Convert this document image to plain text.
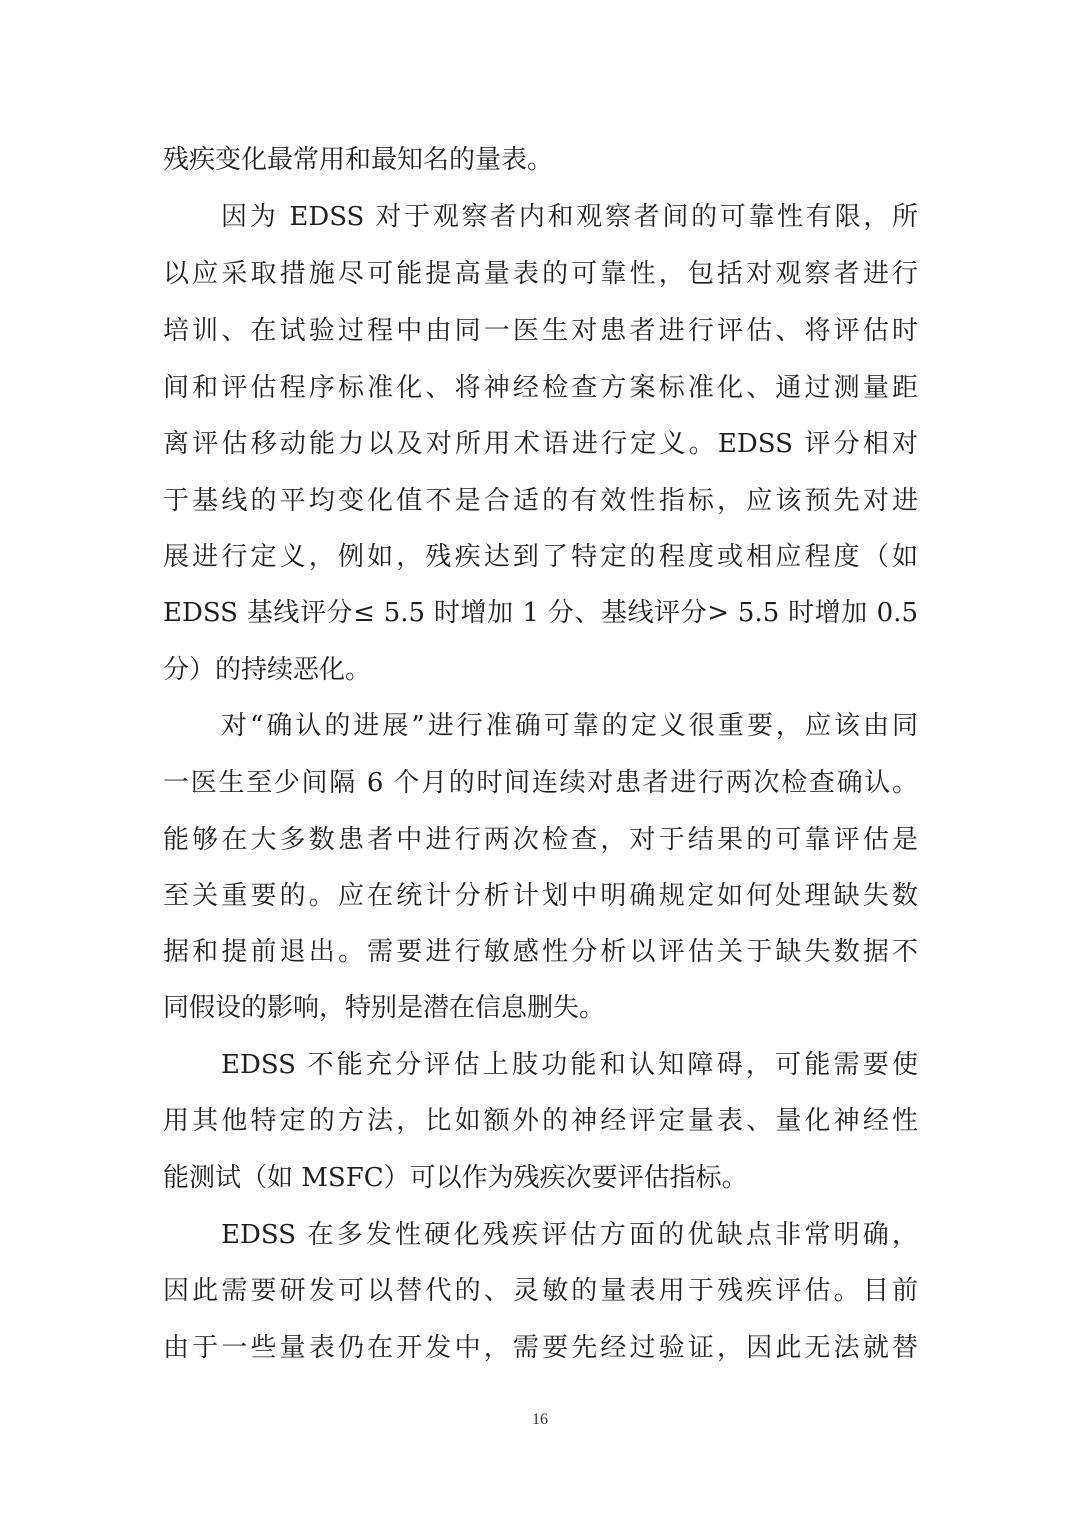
残疾变化最常用和最知名的量表。
因为 EDSS 对于观察者内和观察者间的可靠性有限，所
以应采取措施尽可能提高量表的可靠性，包括对观察者进行
培训、在试验过程中由同一医生对患者进行评估、将评估时
间和评估程序标准化、将神经检查方案标准化、通过测量距
离评估移动能力以及对所用术语进行定义。EDSS 评分相对
于基线的平均变化值不是合适的有效性指标，应该预先对进
展进行定义，例如，残疾达到了特定的程度或相应程度（如
EDSS 基线评分≤ 5.5 时增加 1 分、基线评分> 5.5 时增加 0.5
分）的持续恶化。
对“确认的进展”进行准确可靠的定义很重要，应该由同
一医生至少间隔 6 个月的时间连续对患者进行两次检查确认。
能够在大多数患者中进行两次检查，对于结果的可靠评估是
至关重要的。应在统计分析计划中明确规定如何处理缺失数
据和提前退出。需要进行敏感性分析以评估关于缺失数据不
同假设的影响，特别是潜在信息删失。
EDSS 不能充分评估上肢功能和认知障碍，可能需要使
用其他特定的方法，比如额外的神经评定量表、量化神经性
能测试（如 MSFC）可以作为残疾次要评估指标。
EDSS 在多发性硬化残疾评估方面的优缺点非常明确，
因此需要研发可以替代的、灵敏的量表用于残疾评估。目前
由于一些量表仍在开发中，需要先经过验证，因此无法就替
16
